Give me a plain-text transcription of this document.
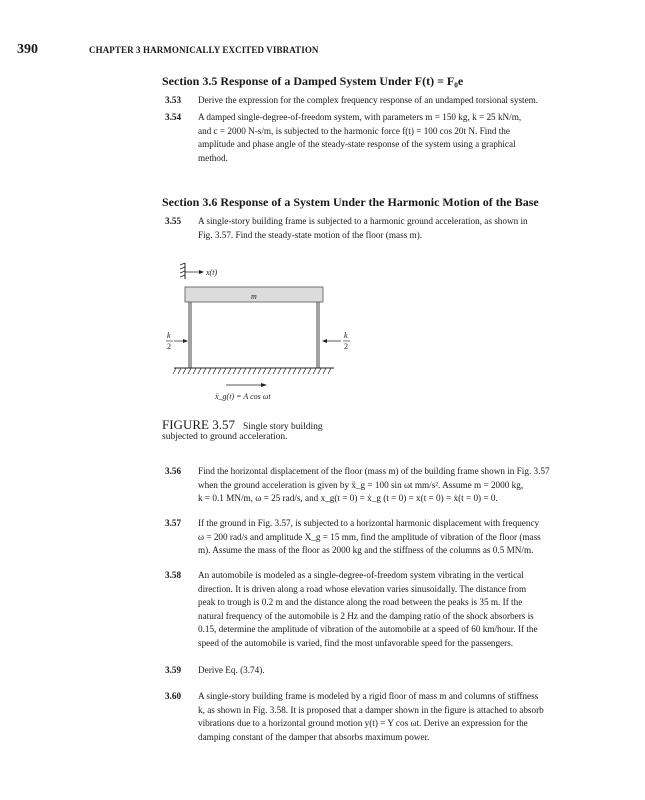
390	CHAPTER 3 HARMONICALLY EXCITED VIBRATION
Section 3.5 Response of a Damped System Under F(t) = F₀e
3.53 Derive the expression for the complex frequency response of an undamped torsional system.
3.54 A damped single-degree-of-freedom system, with parameters m = 150 kg, k = 25 kN/m,
and c = 2000 N-s/m, is subjected to the harmonic force f(t) = 100 cos 20t N. Find the
amplitude and phase angle of the steady-state response of the system using a graphical
method.
Section 3.6 Response of a System Under the Harmonic Motion of the Base
3.55 A single-story building frame is subjected to a harmonic ground acceleration, as shown in
Fig. 3.57. Find the steady-state motion of the floor (mass m).
x(t)
m
k
2
k
2
ẍ_g(t) = A cos ωt
FIGURE 3.57 Single story building
subjected to ground acceleration.
3.56 Find the horizontal displacement of the floor (mass m) of the building frame shown in Fig. 3.57
when the ground acceleration is given by ẍ_g = 100 sin ωt mm/s². Assume m = 2000 kg,
k = 0.1 MN/m, ω = 25 rad/s, and x_g(t = 0) = ẋ_g (t = 0) = x(t = 0) = ẋ(t = 0) = 0.
3.57 If the ground in Fig. 3.57, is subjected to a horizontal harmonic displacement with frequency
ω = 200 rad/s and amplitude X_g = 15 mm, find the amplitude of vibration of the floor (mass
m). Assume the mass of the floor as 2000 kg and the stiffness of the columns as 0.5 MN/m.
3.58 An automobile is modeled as a single-degree-of-freedom system vibrating in the vertical
direction. It is driven along a road whose elevation varies sinusoidally. The distance from
peak to trough is 0.2 m and the distance along the road between the peaks is 35 m. If the
natural frequency of the automobile is 2 Hz and the damping ratio of the shock absorbers is
0.15, determine the amplitude of vibration of the automobile at a speed of 60 km/hour. If the
speed of the automobile is varied, find the most unfavorable speed for the passengers.
3.59 Derive Eq. (3.74).
3.60 A single-story building frame is modeled by a rigid floor of mass m and columns of stiffness
k, as shown in Fig. 3.58. It is proposed that a damper shown in the figure is attached to absorb
vibrations due to a horizontal ground motion y(t) = Y cos ωt. Derive an expression for the
damping constant of the damper that absorbs maximum power.
